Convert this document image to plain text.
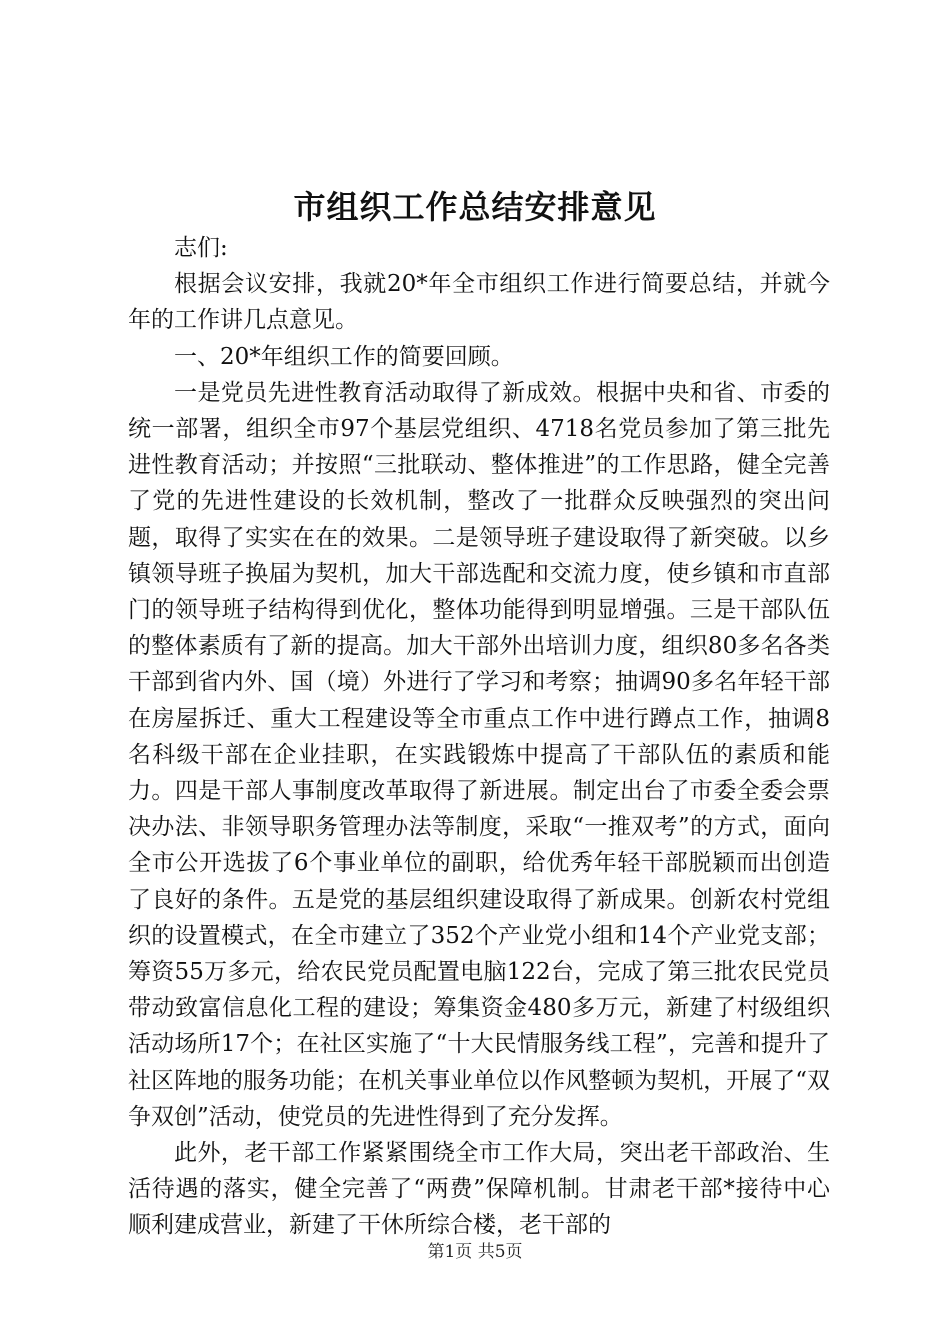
市组织工作总结安排意见

志们:

根据会议安排，我就20*年全市组织工作进行简要总结，并就今年的工作讲几点意见。

一、20*年组织工作的简要回顾。

一是党员先进性教育活动取得了新成效。根据中央和省、市委的统一部署，组织全市97个基层党组织、4718名党员参加了第三批先进性教育活动；并按照“三批联动、整体推进”的工作思路，健全完善了党的先进性建设的长效机制，整改了一批群众反映强烈的突出问题，取得了实实在在的效果。二是领导班子建设取得了新突破。以乡镇领导班子换届为契机，加大干部选配和交流力度，使乡镇和市直部门的领导班子结构得到优化，整体功能得到明显增强。三是干部队伍的整体素质有了新的提高。加大干部外出培训力度，组织80多名各类干部到省内外、国（境）外进行了学习和考察；抽调90多名年轻干部在房屋拆迁、重大工程建设等全市重点工作中进行蹲点工作，抽调8名科级干部在企业挂职，在实践锻炼中提高了干部队伍的素质和能力。四是干部人事制度改革取得了新进展。制定出台了市委全委会票决办法、非领导职务管理办法等制度，采取“一推双考”的方式，面向全市公开选拔了6个事业单位的副职，给优秀年轻干部脱颖而出创造了良好的条件。五是党的基层组织建设取得了新成果。创新农村党组织的设置模式，在全市建立了352个产业党小组和14个产业党支部；筹资55万多元，给农民党员配置电脑122台，完成了第三批农民党员带动致富信息化工程的建设；筹集资金480多万元，新建了村级组织活动场所17个；在社区实施了“十大民情服务线工程”，完善和提升了社区阵地的服务功能；在机关事业单位以作风整顿为契机，开展了“双争双创”活动，使党员的先进性得到了充分发挥。

此外，老干部工作紧紧围绕全市工作大局，突出老干部政治、生活待遇的落实，健全完善了“两费”保障机制。甘肃老干部*接待中心顺利建成营业，新建了干休所综合楼，老干部的

第1页 共5页
